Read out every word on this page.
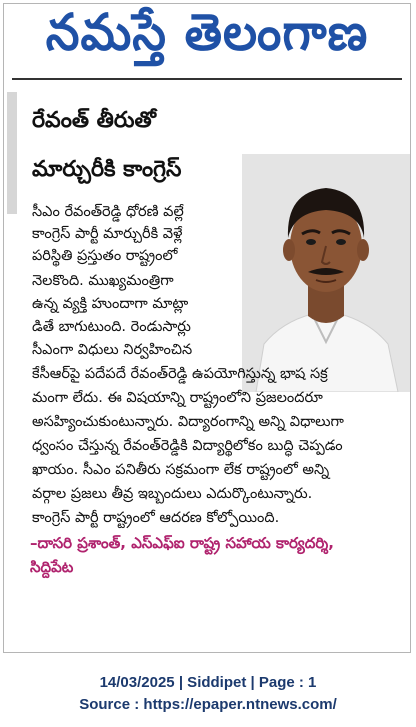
నమస్తే తెలంగాణ
రేవంత్ తీరుతో
మార్చురీకి కాంగ్రెస్
సీఎం రేవంత్‌రెడ్డి ధోరణి వల్లే
కాంగ్రెస్ పార్టీ మార్చురీకి వెళ్లే
పరిస్థితి ప్రస్తుతం రాష్ట్రంలో
నెలకొంది. ముఖ్యమంత్రిగా
ఉన్న వ్యక్తి హుందాగా మాట్లా
డితే బాగుటుంది. రెండుసార్లు
సీఎంగా విధులు నిర్వహించిన
కేసీఆర్‌పై పదేపదే రేవంత్‌రెడ్డి ఉపయోగిస్తున్న భాష సక్ర
మంగా లేదు. ఈ విషయాన్ని రాష్ట్రంలోని ప్రజలందరూ
అసహ్యించుకుంటున్నారు. విద్యారంగాన్ని అన్ని విధాలుగా
ధ్వంసం చేస్తున్న రేవంత్‌రెడ్డికి విద్యార్థిలోకం బుద్ధి చెప్పడం
ఖాయం. సీఎం పనితీరు సక్రమంగా లేక రాష్ట్రంలో అన్ని
వర్గాల ప్రజలు తీవ్ర ఇబ్బందులు ఎదుర్కొంటున్నారు.
కాంగ్రెస్ పార్టీ రాష్ట్రంలో ఆదరణ కోల్పోయింది.
–దాసరి ప్రశాంత్, ఎస్‌ఎఫ్‌ఐ రాష్ట్ర సహాయ కార్యదర్శి,
సిద్దిపేట
14/03/2025 | Siddipet | Page : 1
Source : https://epaper.ntnews.com/
